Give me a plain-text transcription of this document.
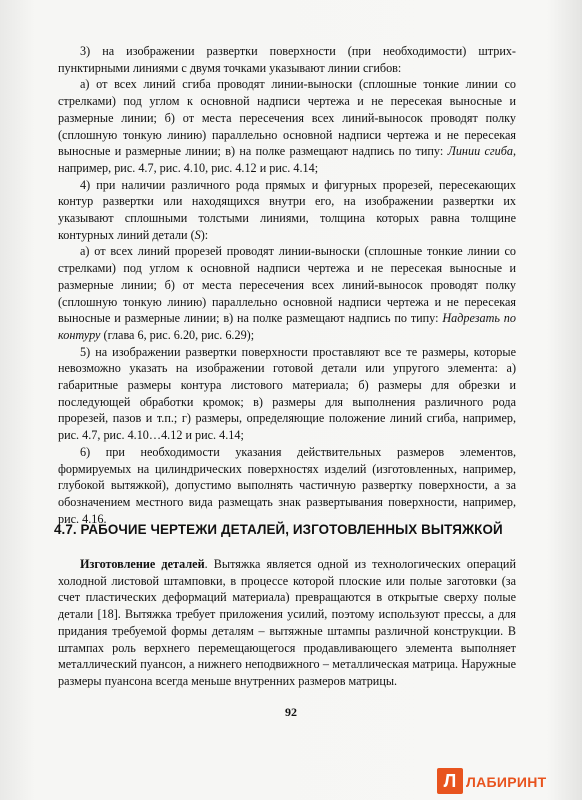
3) на изображении развертки поверхности (при необходимости) штрих-пунктирными линиями с двумя точками указывают линии сгибов:

а) от всех линий сгиба проводят линии-выноски (сплошные тонкие линии со стрелками) под углом к основной надписи чертежа и не пересекая выносные и размерные линии; б) от места пересечения всех линий-выносок проводят полку (сплошную тонкую линию) параллельно основной надписи чертежа и не пересекая выносные и размерные линии; в) на полке размещают надпись по типу: Линии сгиба, например, рис. 4.7, рис. 4.10, рис. 4.12 и рис. 4.14;

4) при наличии различного рода прямых и фигурных прорезей, пересекающих контур развертки или находящихся внутри его, на изображении развертки их указывают сплошными толстыми линиями, толщина которых равна толщине контурных линий детали (S):

а) от всех линий прорезей проводят линии-выноски (сплошные тонкие линии со стрелками) под углом к основной надписи чертежа и не пересекая выносные и размерные линии; б) от места пересечения всех линий-выносок проводят полку (сплошную тонкую линию) параллельно основной надписи чертежа и не пересекая выносные и размерные линии; в) на полке размещают надпись по типу: Надрезать по контуру (глава 6, рис. 6.20, рис. 6.29);

5) на изображении развертки поверхности проставляют все те размеры, которые невозможно указать на изображении готовой детали или упругого элемента: а) габаритные размеры контура листового материала; б) размеры для обрезки и последующей обработки кромок; в) размеры для выполнения различного рода прорезей, пазов и т.п.; г) размеры, определяющие положение линий сгиба, например, рис. 4.7, рис. 4.10…4.12 и рис. 4.14;

6) при необходимости указания действительных размеров элементов, формируемых на цилиндрических поверхностях изделий (изготовленных, например, глубокой вытяжкой), допустимо выполнять частичную развертку поверхности, а за обозначением местного вида размещать знак развертывания поверхности, например, рис. 4.16.

4.7. РАБОЧИЕ ЧЕРТЕЖИ ДЕТАЛЕЙ, ИЗГОТОВЛЕННЫХ ВЫТЯЖКОЙ

Изготовление деталей. Вытяжка является одной из технологических операций холодной листовой штамповки, в процессе которой плоские или полые заготовки (за счет пластических деформаций материала) превращаются в открытые сверху полые детали [18]. Вытяжка требует приложения усилий, поэтому используют прессы, а для придания требуемой формы деталям – вытяжные штампы различной конструкции. В штампах роль верхнего перемещающегося продавливающего элемента выполняет металлический пуансон, а нижнего неподвижного – металлическая матрица. Наружные размеры пуансона всегда меньше внутренних размеров матрицы.

92
Л ЛАБИРИНТ
